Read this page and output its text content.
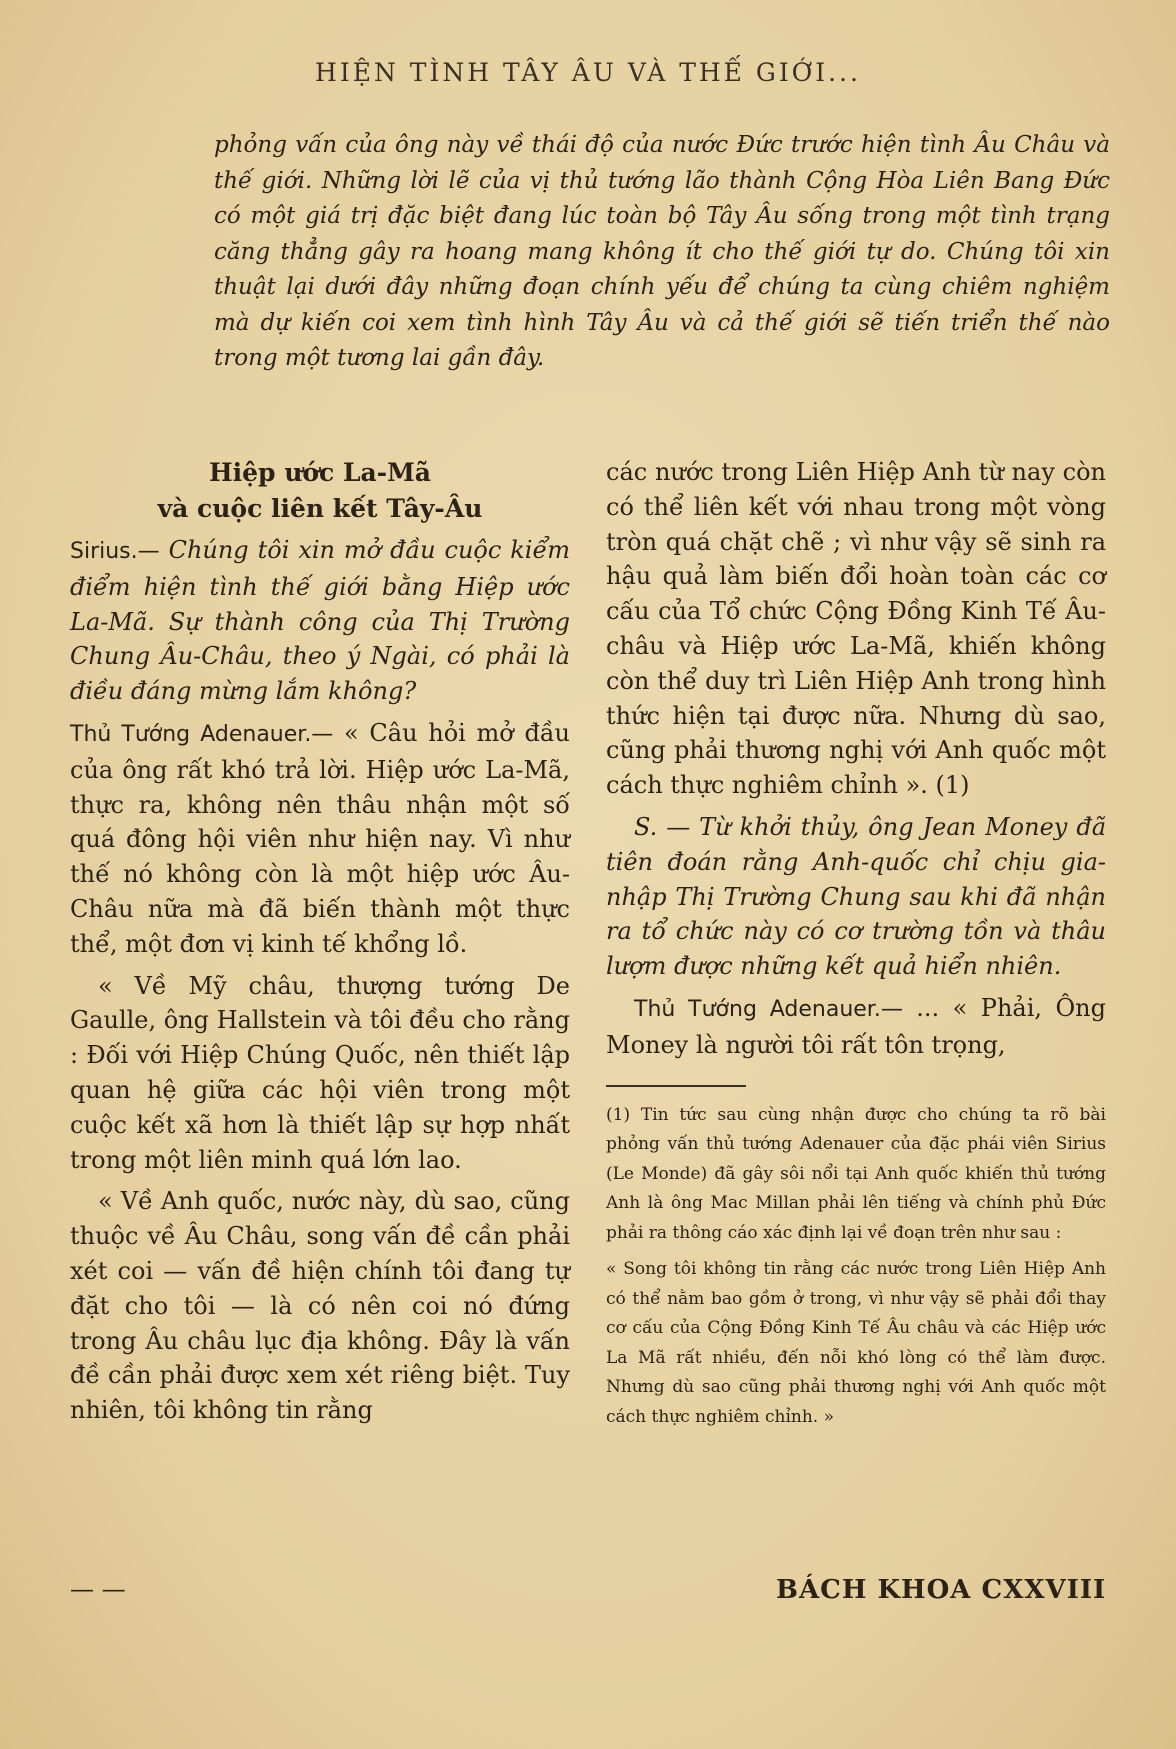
HIỆN TÌNH TÂY ÂU VÀ THẾ GIỚI...

phỏng vấn của ông này về thái độ của nước Đức trước hiện tình Âu Châu và thế giới. Những lời lẽ của vị thủ tướng lão thành Cộng Hòa Liên Bang Đức có một giá trị đặc biệt đang lúc toàn bộ Tây Âu sống trong một tình trạng căng thẳng gây ra hoang mang không ít cho thế giới tự do. Chúng tôi xin thuật lại dưới đây những đoạn chính yếu để chúng ta cùng chiêm nghiệm mà dự kiến coi xem tình hình Tây Âu và cả thế giới sẽ tiến triển thế nào trong một tương lai gần đây.

Hiệp ước La-Mã
và cuộc liên kết Tây-Âu

Sirius.— Chúng tôi xin mở đầu cuộc kiểm điểm hiện tình thế giới bằng Hiệp ước La-Mã. Sự thành công của Thị Trường Chung Âu-Châu, theo ý Ngài, có phải là điều đáng mừng lắm không?

Thủ Tướng Adenauer.— « Câu hỏi mở đầu của ông rất khó trả lời. Hiệp ước La-Mã, thực ra, không nên thâu nhận một số quá đông hội viên như hiện nay. Vì như thế nó không còn là một hiệp ước Âu-Châu nữa mà đã biến thành một thực thể, một đơn vị kinh tế khổng lồ.

« Về Mỹ châu, thượng tướng De Gaulle, ông Hallstein và tôi đều cho rằng : Đối với Hiệp Chúng Quốc, nên thiết lập quan hệ giữa các hội viên trong một cuộc kết xã hơn là thiết lập sự hợp nhất trong một liên minh quá lớn lao.

« Về Anh quốc, nước này, dù sao, cũng thuộc về Âu Châu, song vấn đề cần phải xét coi — vấn đề hiện chính tôi đang tự đặt cho tôi — là có nên coi nó đứng trong Âu châu lục địa không. Đây là vấn đề cần phải được xem xét riêng biệt. Tuy nhiên, tôi không tin rằng

các nước trong Liên Hiệp Anh từ nay còn có thể liên kết với nhau trong một vòng tròn quá chặt chẽ ; vì như vậy sẽ sinh ra hậu quả làm biến đổi hoàn toàn các cơ cấu của Tổ chức Cộng Đồng Kinh Tế Âu-châu và Hiệp ước La-Mã, khiến không còn thể duy trì Liên Hiệp Anh trong hình thức hiện tại được nữa. Nhưng dù sao, cũng phải thương nghị với Anh quốc một cách thực nghiêm chỉnh ». (1)

S. — Từ khởi thủy, ông Jean Money đã tiên đoán rằng Anh-quốc chỉ chịu gia-nhập Thị Trường Chung sau khi đã nhận ra tổ chức này có cơ trường tồn và thâu lượm được những kết quả hiển nhiên.

Thủ Tướng Adenauer.— ... « Phải, Ông Money là người tôi rất tôn trọng,

(1) Tin tức sau cùng nhận được cho chúng ta rõ bài phỏng vấn thủ tướng Adenauer của đặc phái viên Sirius (Le Monde) đã gây sôi nổi tại Anh quốc khiến thủ tướng Anh là ông Mac Millan phải lên tiếng và chính phủ Đức phải ra thông cáo xác định lại về đoạn trên như sau :

« Song tôi không tin rằng các nước trong Liên Hiệp Anh có thể nằm bao gồm ở trong, vì như vậy sẽ phải đổi thay cơ cấu của Cộng Đồng Kinh Tế Âu châu và các Hiệp ước La Mã rất nhiều, đến nỗi khó lòng có thể làm được. Nhưng dù sao cũng phải thương nghị với Anh quốc một cách thực nghiêm chỉnh. »

— —	BÁCH KHOA CXXVIII
